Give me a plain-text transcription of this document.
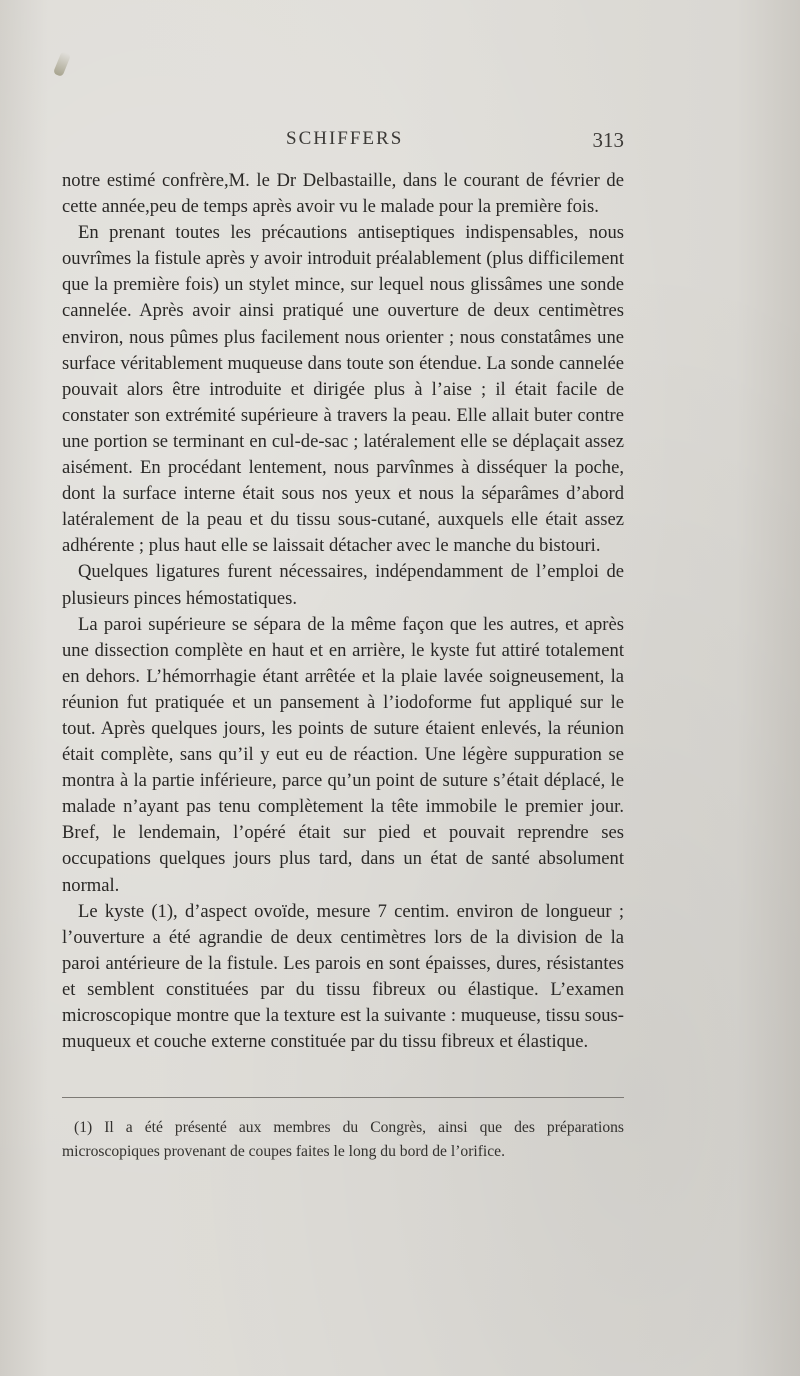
SCHIFFERS	313

notre estimé confrère,M. le Dr Delbastaille, dans le courant de février de cette année,peu de temps après avoir vu le malade pour la première fois.

En prenant toutes les précautions antiseptiques indispensables, nous ouvrîmes la fistule après y avoir introduit préalablement (plus difficilement que la première fois) un stylet mince, sur lequel nous glissâmes une sonde cannelée. Après avoir ainsi pratiqué une ouverture de deux centimètres environ, nous pûmes plus facilement nous orienter ; nous constatâmes une surface véritablement muqueuse dans toute son étendue. La sonde cannelée pouvait alors être introduite et dirigée plus à l’aise ; il était facile de constater son extrémité supérieure à travers la peau. Elle allait buter contre une portion se terminant en cul-de-sac ; latéralement elle se déplaçait assez aisément. En procédant lentement, nous parvînmes à disséquer la poche, dont la surface interne était sous nos yeux et nous la séparâmes d’abord latéralement de la peau et du tissu sous-cutané, auxquels elle était assez adhérente ; plus haut elle se laissait détacher avec le manche du bistouri.

Quelques ligatures furent nécessaires, indépendamment de l’emploi de plusieurs pinces hémostatiques.

La paroi supérieure se sépara de la même façon que les autres, et après une dissection complète en haut et en arrière, le kyste fut attiré totalement en dehors. L’hémorrhagie étant arrêtée et la plaie lavée soigneusement, la réunion fut pratiquée et un pansement à l’iodoforme fut appliqué sur le tout. Après quelques jours, les points de suture étaient enlevés, la réunion était complète, sans qu’il y eut eu de réaction. Une légère suppuration se montra à la partie inférieure, parce qu’un point de suture s’était déplacé, le malade n’ayant pas tenu complètement la tête immobile le premier jour. Bref, le lendemain, l’opéré était sur pied et pouvait reprendre ses occupations quelques jours plus tard, dans un état de santé absolument normal.

Le kyste (1), d’aspect ovoïde, mesure 7 centim. environ de longueur ; l’ouverture a été agrandie de deux centimètres lors de la division de la paroi antérieure de la fistule. Les parois en sont épaisses, dures, résistantes et semblent constituées par du tissu fibreux ou élastique. L’examen microscopique montre que la texture est la suivante : muqueuse, tissu sous-muqueux et couche externe constituée par du tissu fibreux et élastique.

(1) Il a été présenté aux membres du Congrès, ainsi que des préparations microscopiques provenant de coupes faites le long du bord de l’orifice.
